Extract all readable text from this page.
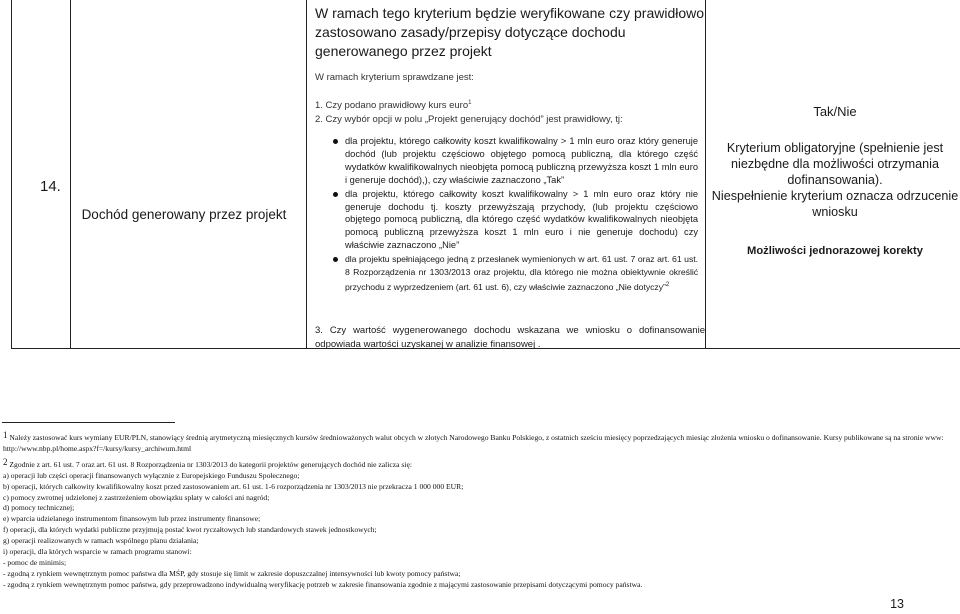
14.
Dochód generowany przez projekt
W ramach tego kryterium będzie weryfikowane czy prawidłowo zastosowano zasady/przepisy dotyczące dochodu generowanego przez projekt
W ramach kryterium sprawdzane jest:
1. Czy podano prawidłowy kurs euro$^1$
2. Czy wybór opcji w polu „Projekt generujący dochód” jest prawidłowy, tj:
dla projektu, którego całkowity koszt kwalifikowalny > 1 mln euro oraz który generuje dochód (lub projektu częściowo objętego pomocą publiczną, dla którego część wydatków kwalifikowalnych nieobjęta pomocą publiczną przewyższa koszt 1 mln euro i generuje dochód),), czy właściwie zaznaczono „Tak”
dla projektu, którego całkowity koszt kwalifikowalny > 1 mln euro oraz który nie generuje dochodu tj. koszty przewyższają przychody, (lub projektu częściowo objętego pomocą publiczną, dla którego część wydatków kwalifikowalnych nieobjęta pomocą publiczną przewyższa koszt 1 mln euro i nie generuje dochodu) czy właściwie zaznaczono „Nie”
dla projektu spełniającego jedną z przesłanek wymienionych w art. 61 ust. 7 oraz art. 61 ust. 8 Rozporządzenia nr 1303/2013 oraz projektu, dla którego nie można obiektywnie określić przychodu z wyprzedzeniem (art. 61 ust. 6), czy właściwie zaznaczono „Nie dotyczy”$^2$
3. Czy wartość wygenerowanego dochodu wskazana we wniosku o dofinansowanie odpowiada wartości uzyskanej w analizie finansowej .
Tak/Nie

Kryterium obligatoryjne (spełnienie jest niezbędne dla możliwości otrzymania dofinansowania).

Niespełnienie kryterium oznacza odrzucenie wniosku

Możliwości jednorazowej korekty

$^1$ Należy zastosować kurs wymiany EUR/PLN, stanowiący średnią arytmetyczną miesięcznych kursów średnioważonych walut obcych w złotych Narodowego Banku Polskiego, z ostatnich sześciu miesięcy poprzedzających miesiąc złożenia wniosku o dofinansowanie. Kursy publikowane są na stronie www: http://www.nbp.pl/home.aspx?f=/kursy/kursy_archiwum.html

$^2$ Zgodnie z art. 61 ust. 7 oraz art. 61 ust. 8 Rozporządzenia nr 1303/2013 do kategorii projektów generujących dochód nie zalicza się:

a) operacji lub części operacji finansowanych wyłącznie z Europejskiego Funduszu Społecznego;

b) operacji, których całkowity kwalifikowalny koszt przed zastosowaniem art. 61 ust. 1-6 rozporządzenia nr 1303/2013 nie przekracza 1 000 000 EUR;

c) pomocy zwrotnej udzielonej z zastrzeżeniem obowiązku spłaty w całości ani nagród;

d) pomocy technicznej;

e) wparcia udzielanego instrumentom finansowym lub przez instrumenty finansowe;

f) operacji, dla których wydatki publiczne przyjmują postać kwot ryczałtowych lub standardowych stawek jednostkowych;

g) operacji realizowanych w ramach wspólnego planu działania;

i) operacji, dla których wsparcie w ramach programu stanowi:

- pomoc de minimis;

- zgodną z rynkiem wewnętrznym pomoc państwa dla MŚP, gdy stosuje się limit w zakresie dopuszczalnej intensywności lub kwoty pomocy państwa;

- zgodną z rynkiem wewnętrznym pomoc państwa, gdy przeprowadzono indywidualną weryfikację potrzeb w zakresie finansowania zgodnie z mającymi zastosowanie przepisami dotyczącymi pomocy państwa.

13
